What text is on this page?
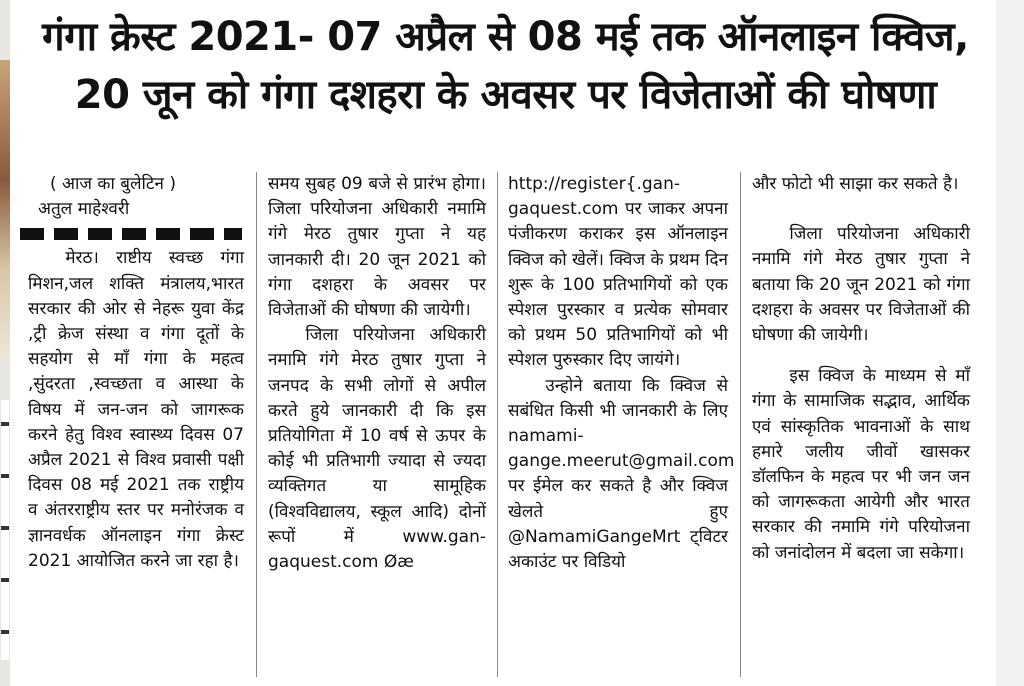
गंगा क्रेस्ट 2021- 07 अप्रैल से 08 मई तक ऑनलाइन क्विज,
20 जून को गंगा दशहरा के अवसर पर विजेताओं की घोषणा

( आज का बुलेटिन )

अतुल माहेश्वरी

मेरठ। राष्टीय स्वच्छ गंगा मिशन,जल शक्ति मंत्रालय,भारत सरकार की ओर से नेहरू युवा केंद्र ,ट्री क्रेज संस्था व गंगा दूतों के सहयोग से माँ गंगा के महत्व ,सुंदरता ,स्वच्छता व आस्था के विषय में जन-जन को जागरूक करने हेतु विश्व स्वास्थ्य दिवस 07 अप्रैल 2021 से विश्व प्रवासी पक्षी दिवस 08 मई 2021 तक राष्ट्रीय व अंतरराष्ट्रीय स्तर पर मनोरंजक व ज्ञानवर्धक ऑनलाइन गंगा क्रेस्ट 2021 आयोजित करने जा रहा है।

समय सुबह 09 बजे से प्रारंभ होगा। जिला परियोजना अधिकारी नमामि गंगे मेरठ तुषार गुप्ता ने यह जानकारी दी। 20 जून 2021 को गंगा दशहरा के अवसर पर विजेताओं की घोषणा की जायेगी।

जिला परियोजना अधिकारी नमामि गंगे मेरठ तुषार गुप्ता ने जनपद के सभी लोगों से अपील करते हुये जानकारी दी कि इस प्रतियोगिता में 10 वर्ष से ऊपर के कोई भी प्रतिभागी ज्यादा से ज्यदा व्यक्तिगत या सामूहिक (विश्वविद्यालय, स्कूल आदि) दोनों रूपों में www.gan-gaquest.com Øæ

http://register{.gan-gaquest.com पर जाकर अपना पंजीकरण कराकर इस ऑनलाइन क्विज को खेलें। क्विज के प्रथम दिन शुरू के 100 प्रतिभागियों को एक स्पेशल पुरस्कार व प्रत्येक सोमवार को प्रथम 50 प्रतिभागियों को भी स्पेशल पुरुस्कार दिए जायंगे।

उन्होने बताया कि क्विज से सबंधित किसी भी जानकारी के लिए namami-gange.meerut@gmail.com पर ईमेल कर सकते है और क्विज खेलते हुए @NamamiGangeMrt ट्विटर अकाउंट पर विडियो

और फोटो भी साझा कर सकते है।

जिला परियोजना अधिकारी नमामि गंगे मेरठ तुषार गुप्ता ने बताया कि 20 जून 2021 को गंगा दशहरा के अवसर पर विजेताओं की घोषणा की जायेगी।

इस क्विज के माध्यम से माँ गंगा के सामाजिक सद्भाव, आर्थिक एवं सांस्कृतिक भावनाओं के साथ हमारे जलीय जीवों खासकर डॉलफिन के महत्व पर भी जन जन को जागरूकता आयेगी और भारत सरकार की नमामि गंगे परियोजना को जनांदोलन में बदला जा सकेगा।
